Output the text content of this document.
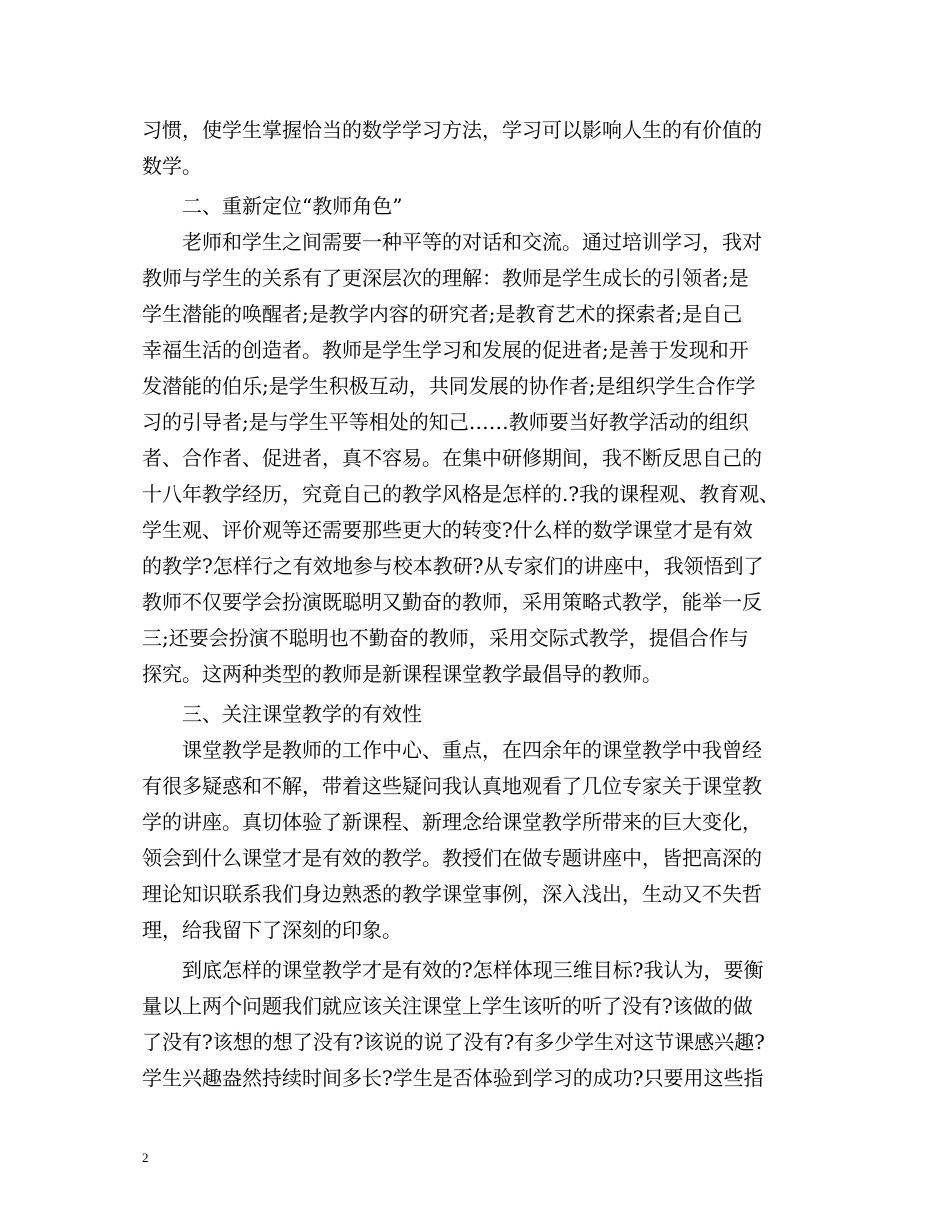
习惯，使学生掌握恰当的数学学习方法，学习可以影响人生的有价值的
数学。
二、重新定位“教师角色”
老师和学生之间需要一种平等的对话和交流。通过培训学习，我对
教师与学生的关系有了更深层次的理解：教师是学生成长的引领者;是
学生潜能的唤醒者;是教学内容的研究者;是教育艺术的探索者;是自己
幸福生活的创造者。教师是学生学习和发展的促进者;是善于发现和开
发潜能的伯乐;是学生积极互动，共同发展的协作者;是组织学生合作学
习的引导者;是与学生平等相处的知己……教师要当好教学活动的组织
者、合作者、促进者，真不容易。在集中研修期间，我不断反思自己的
十八年教学经历，究竟自己的教学风格是怎样的.?我的课程观、教育观、
学生观、评价观等还需要那些更大的转变?什么样的数学课堂才是有效
的教学?怎样行之有效地参与校本教研?从专家们的讲座中，我领悟到了
教师不仅要学会扮演既聪明又勤奋的教师，采用策略式教学，能举一反
三;还要会扮演不聪明也不勤奋的教师，采用交际式教学，提倡合作与
探究。这两种类型的教师是新课程课堂教学最倡导的教师。
三、关注课堂教学的有效性
课堂教学是教师的工作中心、重点，在四余年的课堂教学中我曾经
有很多疑惑和不解，带着这些疑问我认真地观看了几位专家关于课堂教
学的讲座。真切体验了新课程、新理念给课堂教学所带来的巨大变化，
领会到什么课堂才是有效的教学。教授们在做专题讲座中，皆把高深的
理论知识联系我们身边熟悉的教学课堂事例，深入浅出，生动又不失哲
理，给我留下了深刻的印象。
到底怎样的课堂教学才是有效的?怎样体现三维目标?我认为，要衡
量以上两个问题我们就应该关注课堂上学生该听的听了没有?该做的做
了没有?该想的想了没有?该说的说了没有?有多少学生对这节课感兴趣?
学生兴趣盎然持续时间多长?学生是否体验到学习的成功?只要用这些指
2
